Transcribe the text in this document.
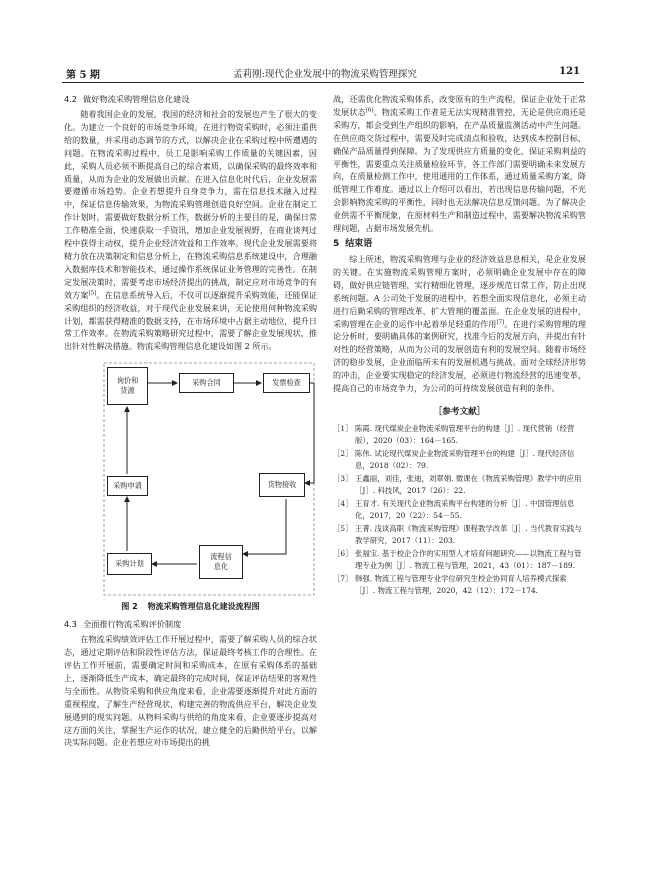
第 5 期	孟莉刚:现代企业发展中的物流采购管理探究	121
4.2 做好物流采购管理信息化建设

随着我国企业的发展，我国的经济和社会的发展也产生了很大的变化。为建立一个良好的市场竞争环境，在进行物资采购时，必须注重供给的数量，并采用动态调节的方式，以解决企业在采购过程中所遭遇的问题。在物流采购过程中，员工是影响采购工作质量的关键因素，因此，采购人员必须不断提高自己的综合素质，以确保采购的最终效率和质量，从而为企业的发展做出贡献。在进入信息化时代后，企业发展需要遵循市场趋势。企业若想提升自身竞争力，需在信息技术融入过程中，保证信息传输效果，为物流采购管理创造良好空间。企业在制定工作计划时，需要做好数据分析工作，数据分析的主要目的是，确保日常工作精准全面，快速获取一手资讯，增加企业发展视野，在商业谈判过程中获得主动权，提升企业经济效益和工作效率。现代企业发展需要将精力放在决策制定和信息分析上，在物流采购信息系统建设中，合理融入数据库技术和智能技术，通过操作系统保证业务管理的完善性。在制定发展决策时，需要考虑市场经济提出的挑战，制定应对市场竞争的有效方案[5]。在信息系统导入后，不仅可以逐渐提升采购效能，还能保证采购组织的经济收益，对于现代企业发展来讲，无论使用何种物流采购计划，都需获得精准的数据支持，在市场环境中占据主动地位，提升日常工作效率。在物流采购策略研究过程中，需要了解企业发展现状，推出针对性解决措施。物流采购管理信息化建设如图 2 所示。

询价和
货源
采购合同	发票检查
采购申请	货物接收
采购计划
流程信
息化
图 2 物流采购管理信息化建设流程图
4.3 全面推行物流采购评价制度

在物流采购绩效评估工作开展过程中，需要了解采购人员的综合状态，通过定期评估和阶段性评估方法，保证最终考核工作的合理性。在评估工作开展前，需要确定时间和采购成本，在原有采购体系的基础上，逐渐降低生产成本，确定最终的完成时间，保证评估结果的客观性与全面性。从物资采购和供应角度来看，企业需要逐渐提升对此方面的重视程度，了解生产经营现状，构建完善的物流供应平台，解决企业发展遇到的现实问题。从物料采购与供给的角度来看，企业要逐步提高对这方面的关注，掌握生产运作的状况，建立健全的后勤供给平台，以解决实际问题。企业若想应对市场提出的挑

战，还需优化物流采购体系，改变原有的生产流程，保证企业处于正常发展状态[6]。物流采购工作者是无法实现精准管控，无论是供应商还是采购方，都会受到生产组织的影响，在产品质量监测活动中产生问题。在供应商交货过程中，需要及时完成清点和验收，达到成本控制目标，确保产品质量得到保障。为了发现供应方质量的变化，保证采购利益的平衡性，需要重点关注质量检验环节，各工作部门需要明确未来发展方向，在质量检测工作中，使用通用的工作体系，通过质量采购方案，降低管理工作难度。通过以上介绍可以看出，若出现信息传输问题，不光会影响物流采购的平衡性，同时也无法解决信息反馈问题。为了解决企业供需不平衡现象，在原材料生产和制造过程中，需要解决物流采购管理问题，占据市场发展先机。

5 结束语

综上所述，物流采购管理与企业的经济效益息息相关，是企业发展的关键。在实施物流采购管理方案时，必须明确企业发展中存在的障碍，做好供应链管理，实行精细化管理，逐步规范日常工作，防止出现系统问题。A 公司处于发展的进程中，若想全面实现信息化，必须主动进行后勤采购的管理改革，扩大管理的覆盖面。在企业发展的进程中，采购管理在企业的运作中起着举足轻重的作用[7]。在进行采购管理的理论分析时，要明确具体的案例研究，找准今后的发展方向，并提出有针对性的经营策略，从而为公司的发展创造有利的发展空间。随着市场经济的稳步发展，企业面临所未有的发展机遇与挑战。面对全球经济形势的冲击，企业要实现稳定的经济发展，必须进行物流经营的迅速变革，提高自己的市场竞争力，为公司的可持续发展创造有利的条件。

［参考文献］
［1］ 陈霞. 现代煤炭企业物流采购管理平台的构建［J］. 现代营销（经营版），2020（03）：164－165.
［2］ 陈伟. 试论现代煤炭企业物流采购管理平台的构建［J］. 现代经济信息，2018（02）：79.
［3］ 王鑫丽，刘佳，张迪，刘翠娟. 微课在《物流采购管理》教学中的应用［J］. 科技风，2017（26）：22.
［4］ 王育才. 有关现代企业物流采购平台构建的分析［J］. 中国管理信息化，2017，20（22）：54－55.
［5］ 王菁. 浅谈高职《物流采购管理》课程教学改革［J］. 当代教育实践与教学研究，2017（11）：203.
［6］ 张福宝. 基于校企合作的实用型人才培育问题研究——以物流工程与管理专业为例［J］. 物流工程与管理，2021，43（01）：187－189.
［7］ 韩强. 物流工程与管理专业学位研究生校企协同育人培养模式探索［J］. 物流工程与管理，2020，42（12）：172－174.
